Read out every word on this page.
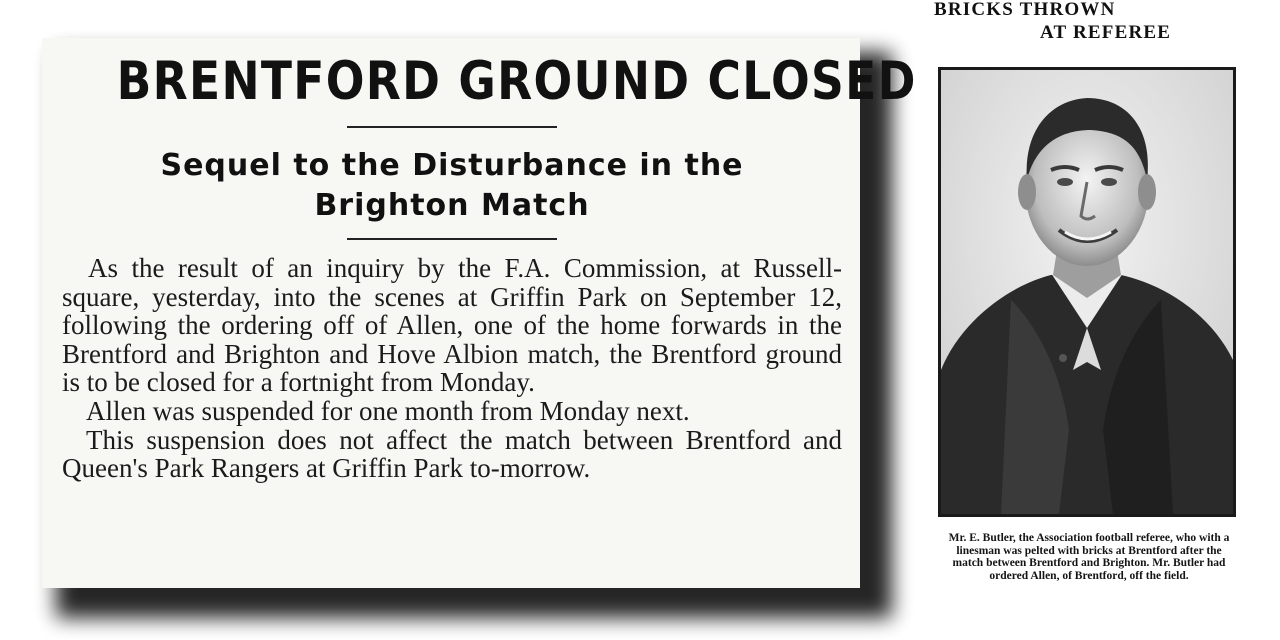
BRENTFORD GROUND CLOSED
Sequel to the Disturbance in the
Brighton Match

As the result of an inquiry by the F.A. Commission, at Russell-square, yesterday, into the scenes at Griffin Park on September 12, following the ordering off of Allen, one of the home forwards in the Brentford and Brighton and Hove Albion match, the Brentford ground is to be closed for a fortnight from Monday.

Allen was suspended for one month from Monday next.

This suspension does not affect the match between Brentford and Queen's Park Rangers at Griffin Park to-morrow.

BRICKS THROWN
AT REFEREE
Mr. E. Butler, the Association football referee, who with a linesman was pelted with bricks at Brentford after the match between Brentford and Brighton. Mr. Butler had ordered Allen, of Brentford, off the field.
